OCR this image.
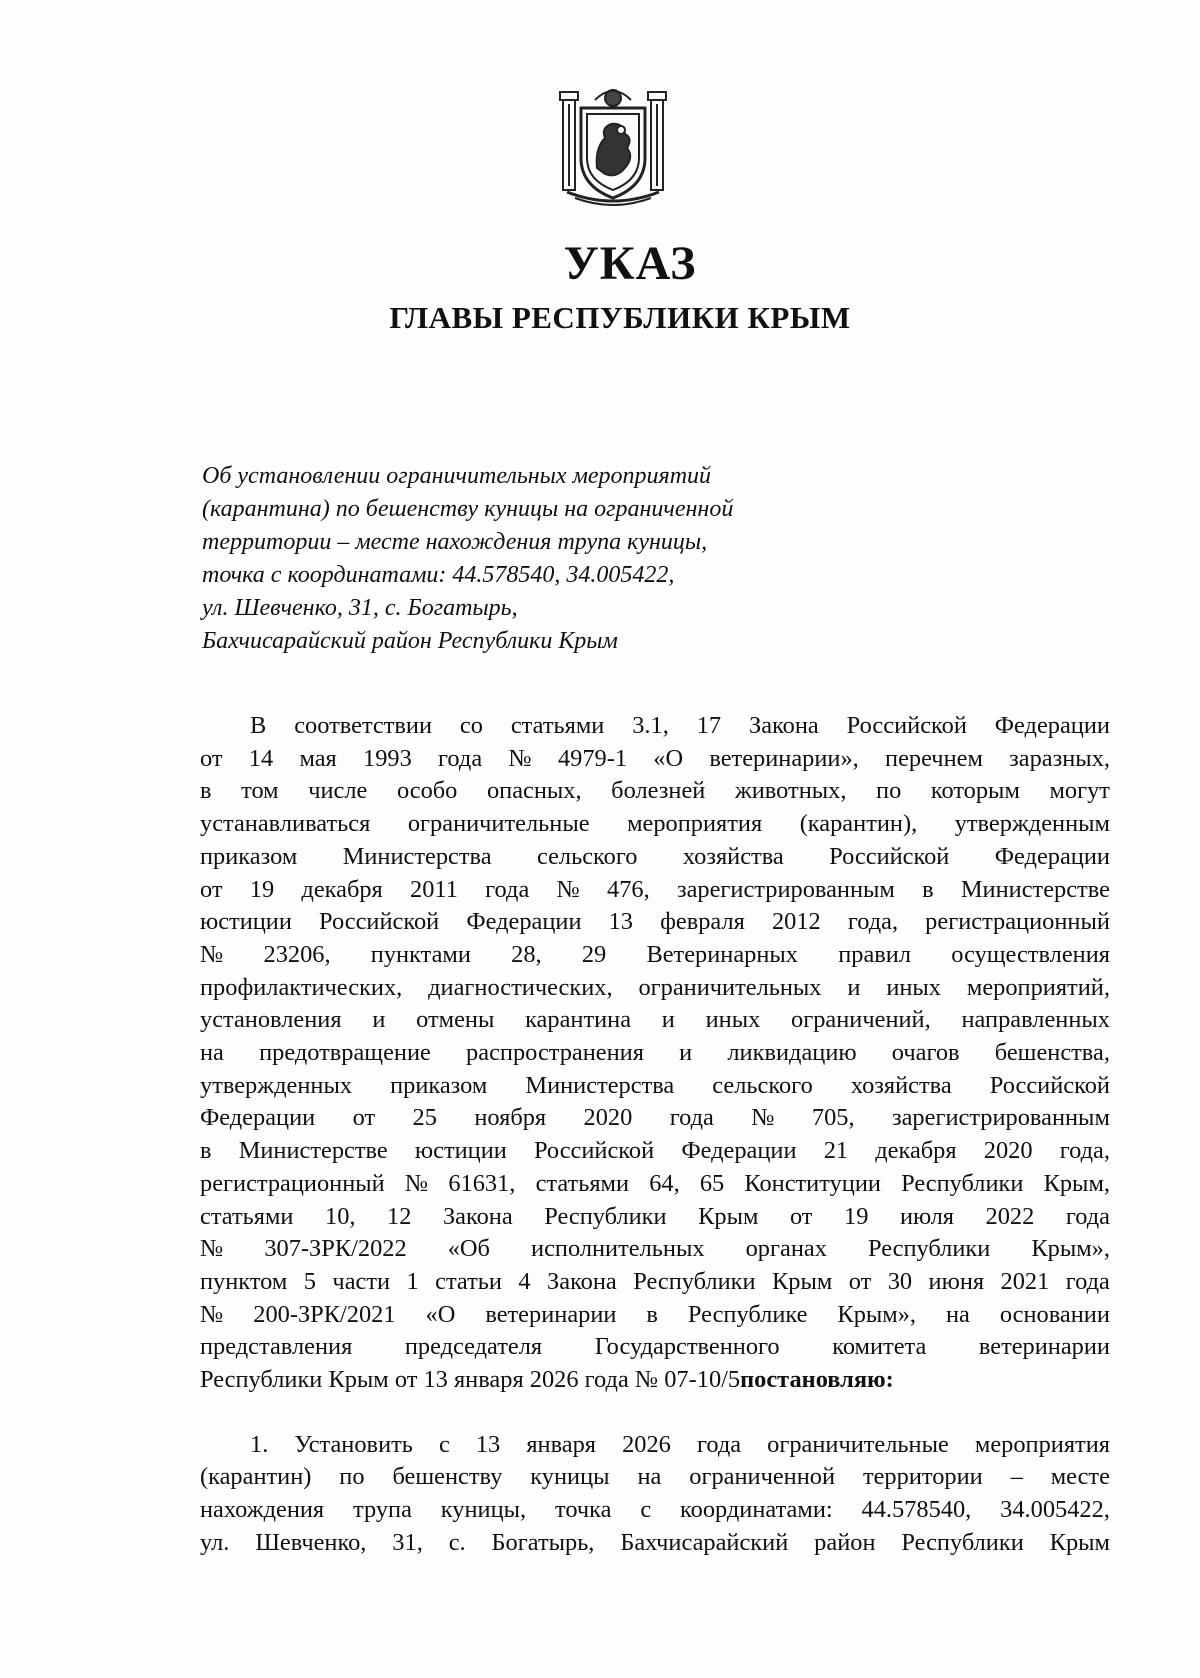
УКАЗ
ГЛАВЫ РЕСПУБЛИКИ КРЫМ
Об установлении ограничительных мероприятий
(карантина) по бешенству куницы на ограниченной
территории – месте нахождения трупа куницы,
точка с координатами: 44.578540, 34.005422,
ул. Шевченко, 31, с. Богатырь,
Бахчисарайский район Республики Крым
В соответствии со статьями 3.1, 17 Закона Российской Федерации
от 14 мая 1993 года № 4979-1 «О ветеринарии», перечнем заразных,
в том числе особо опасных, болезней животных, по которым могут
устанавливаться ограничительные мероприятия (карантин), утвержденным
приказом Министерства сельского хозяйства Российской Федерации
от 19 декабря 2011 года № 476, зарегистрированным в Министерстве
юстиции Российской Федерации 13 февраля 2012 года, регистрационный
№ 23206, пунктами 28, 29 Ветеринарных правил осуществления
профилактических, диагностических, ограничительных и иных мероприятий,
установления и отмены карантина и иных ограничений, направленных
на предотвращение распространения и ликвидацию очагов бешенства,
утвержденных приказом Министерства сельского хозяйства Российской
Федерации от 25 ноября 2020 года № 705, зарегистрированным
в Министерстве юстиции Российской Федерации 21 декабря 2020 года,
регистрационный № 61631, статьями 64, 65 Конституции Республики Крым,
статьями 10, 12 Закона Республики Крым от 19 июля 2022 года
№ 307-ЗРК/2022 «Об исполнительных органах Республики Крым»,
пунктом 5 части 1 статьи 4 Закона Республики Крым от 30 июня 2021 года
№ 200-ЗРК/2021 «О ветеринарии в Республике Крым», на основании
представления председателя Государственного комитета ветеринарии
Республики Крым от 13 января 2026 года № 07-10/5 постановляю:
1. Установить с 13 января 2026 года ограничительные мероприятия
(карантин) по бешенству куницы на ограниченной территории – месте
нахождения трупа куницы, точка с координатами: 44.578540, 34.005422,
ул. Шевченко, 31, с. Богатырь, Бахчисарайский район Республики Крым
